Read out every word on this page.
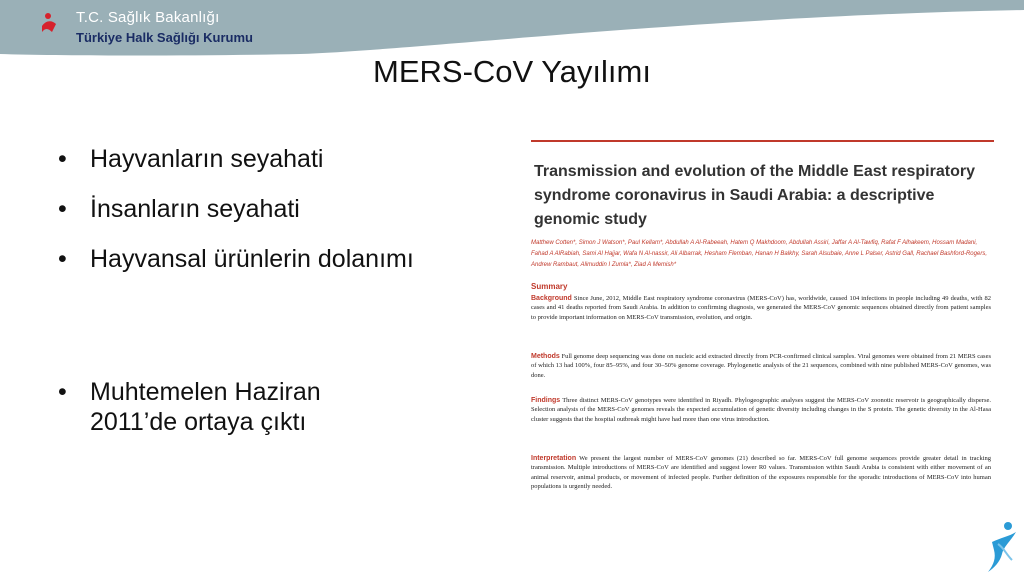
T.C. Sağlık Bakanlığı
Türkiye Halk Sağlığı Kurumu
MERS-CoV Yayılımı
• Hayvanların seyahati
• İnsanların seyahati
• Hayvansal ürünlerin dolanımı
• Muhtemelen Haziran 2011’de ortaya çıktı
Transmission and evolution of the Middle East respiratory syndrome coronavirus in Saudi Arabia: a descriptive genomic study
Matthew Cotten*, Simon J Watson*, Paul Kellam*, Abdullah A Al-Rabeeah, Hatem Q Makhdoom, Abdullah Assiri, Jaffar A Al-Tawfiq, Rafat F Alhakeem, Hossam Madani, Fahad A AlRabiah, Sami Al Hajjar, Wafa N Al-nassir, Ali Albarrak, Hesham Flemban, Hanan H Balkhy, Sarah Alsubaie, Anne L Palser, Astrid Gall, Rachael Bashford-Rogers, Andrew Rambaut, Alimuddin I Zumla*, Ziad A Memish*
Summary
Background Since June, 2012, Middle East respiratory syndrome coronavirus (MERS-CoV) has, worldwide, caused 104 infections in people including 49 deaths, with 82 cases and 41 deaths reported from Saudi Arabia. In addition to confirming diagnosis, we generated the MERS-CoV genomic sequences obtained directly from patient samples to provide important information on MERS-CoV transmission, evolution, and origin.
Methods Full genome deep sequencing was done on nucleic acid extracted directly from PCR-confirmed clinical samples. Viral genomes were obtained from 21 MERS cases of which 13 had 100%, four 85–95%, and four 30–50% genome coverage. Phylogenetic analysis of the 21 sequences, combined with nine published MERS-CoV genomes, was done.
Findings Three distinct MERS-CoV genotypes were identified in Riyadh. Phylogeographic analyses suggest the MERS-CoV zoonotic reservoir is geographically disperse. Selection analysis of the MERS-CoV genomes reveals the expected accumulation of genetic diversity including changes in the S protein. The genetic diversity in the Al-Hasa cluster suggests that the hospital outbreak might have had more than one virus introduction.
Interpretation We present the largest number of MERS-CoV genomes (21) described so far. MERS-CoV full genome sequences provide greater detail in tracking transmission. Multiple introductions of MERS-CoV are identified and suggest lower R0 values. Transmission within Saudi Arabia is consistent with either movement of an animal reservoir, animal products, or movement of infected people. Further definition of the exposures responsible for the sporadic introductions of MERS-CoV into human populations is urgently needed.
